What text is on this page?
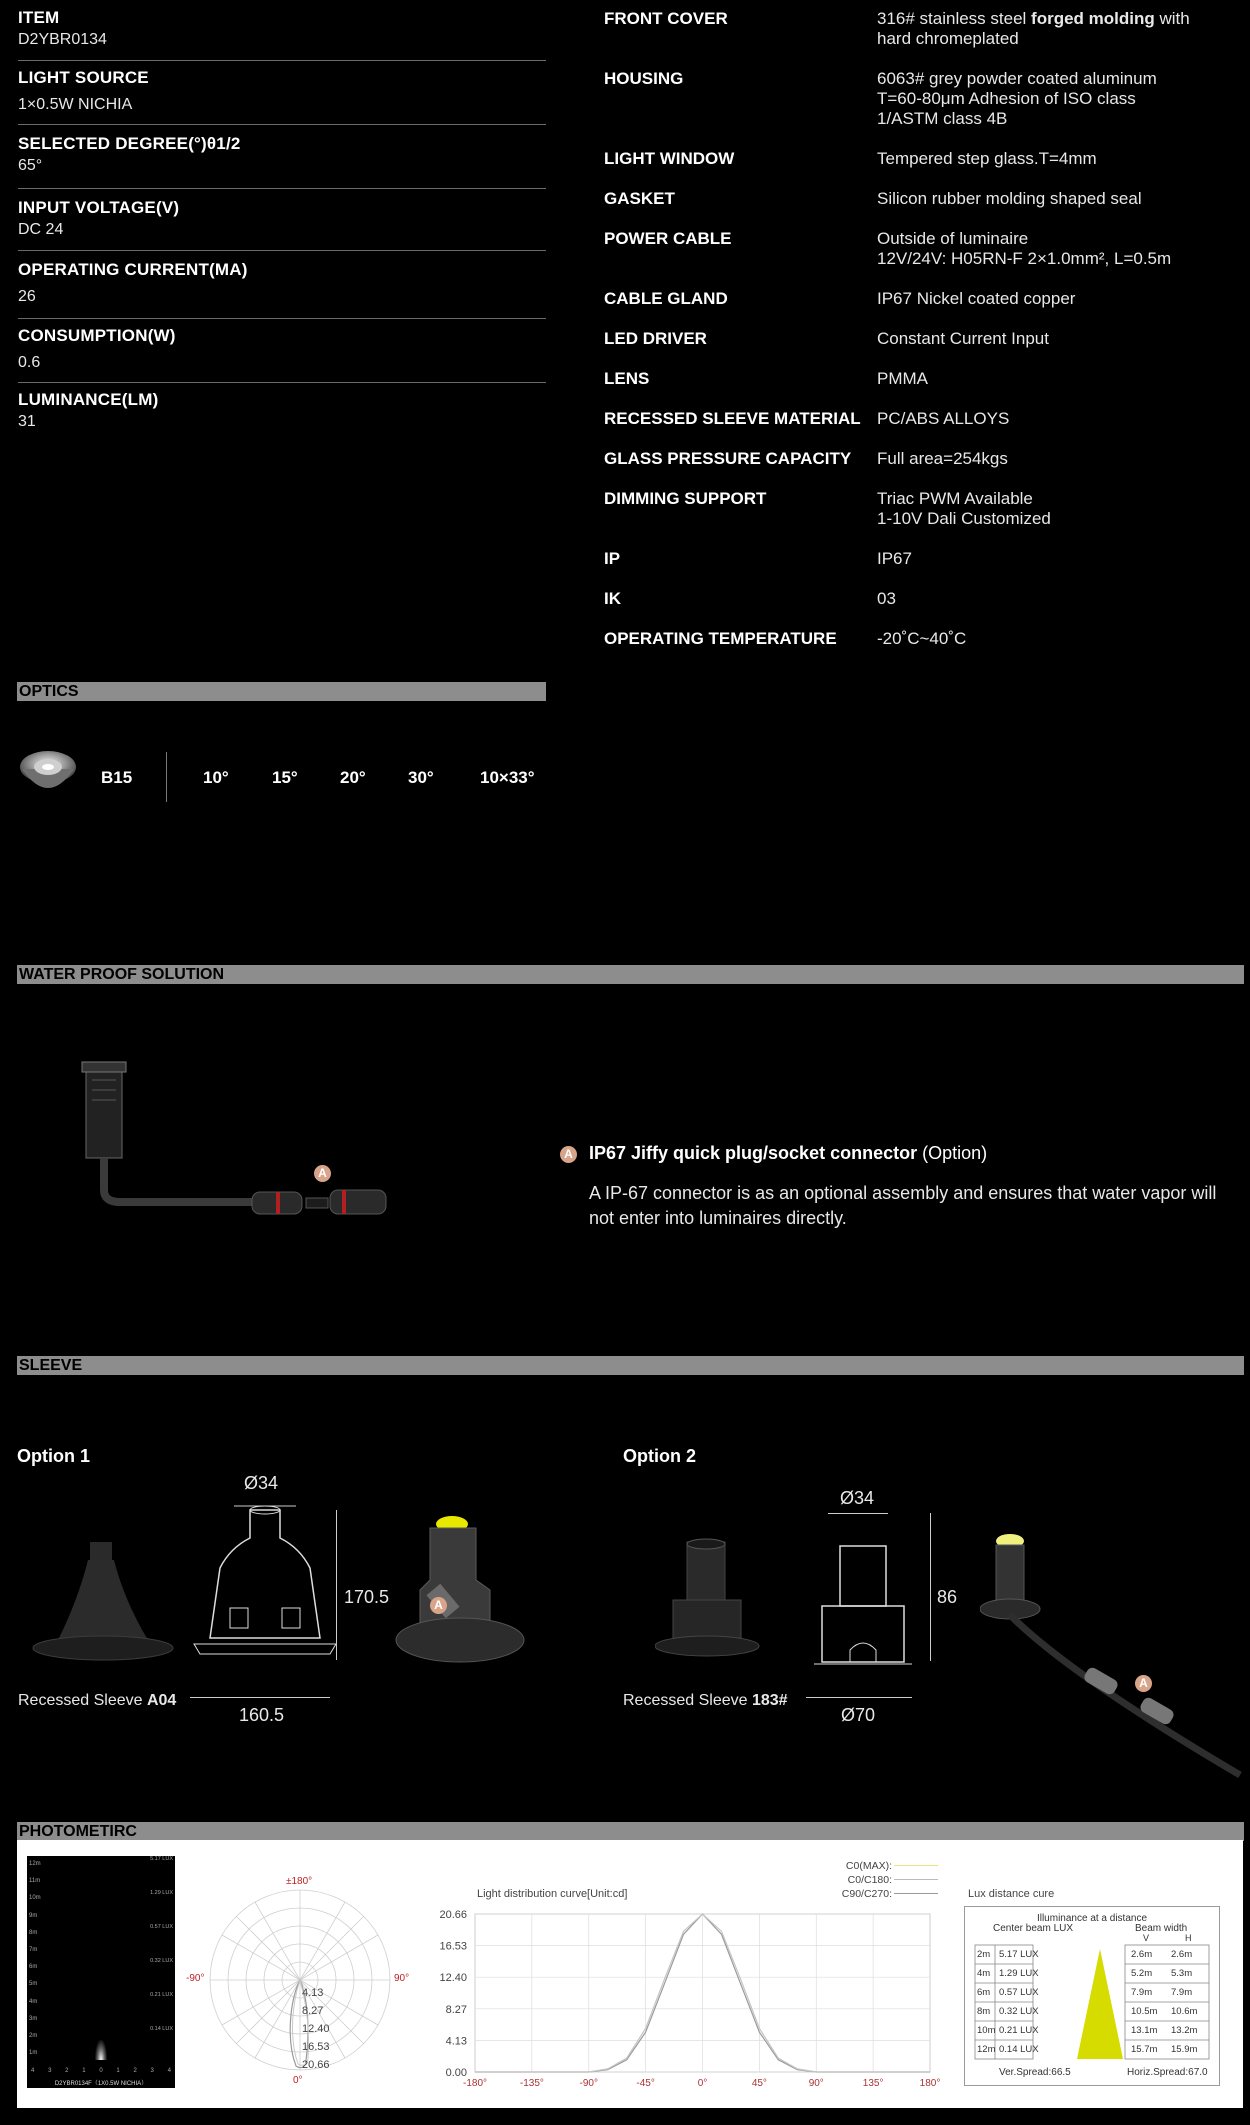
ITEM
D2YBR0134
LIGHT SOURCE
1×0.5W NICHIA
SELECTED DEGREE(°)θ1/2
65°
INPUT VOLTAGE(V)
DC 24
OPERATING CURRENT(MA)
26
CONSUMPTION(W)
0.6
LUMINANCE(LM)
31
FRONT COVER	316# stainless steel forged molding with
hard chromeplated
HOUSING	6063# grey powder coated aluminum
T=60-80μm Adhesion of ISO class
1/ASTM class 4B
LIGHT WINDOW	Tempered step glass.T=4mm
GASKET	Silicon rubber molding shaped seal
POWER CABLE	Outside of luminaire
12V/24V: H05RN-F 2×1.0mm², L=0.5m
CABLE GLAND	IP67 Nickel coated copper
LED DRIVER	Constant Current Input
LENS	PMMA
RECESSED SLEEVE MATERIAL PC/ABS ALLOYS
GLASS PRESSURE CAPACITY Full area=254kgs
DIMMING SUPPORT	Triac PWM Available
1-10V Dali Customized
IP	IP67
IK	03
OPERATING TEMPERATURE -20˚C~40˚C
OPTICS
B15	10°	15° 20° 30°	10×33°
WATER PROOF SOLUTION
A
A IP67 Jiffy quick plug/socket connector (Option)
A IP-67 connector is as an optional assembly and ensures that water vapor will not enter into luminaires directly.
SLEEVE
Option 1	Option 2
Ø34
170.5
160.5
Recessed Sleeve A04
A
Ø34
86
Ø70
Recessed Sleeve 183#
A
PHOTOMETIRC
12m
11m
10m
9m
8m
7m
6m
5m
4m
3m
2m
1m
5.17 LUX
1.29 LUX
0.57 LUX
0.32 LUX
0.21 LUX
0.14 LUX
4 3 2 1 0 1 2 3 4
D2YBR0134F（1X0.5W NICHIA）
±180°
-90°	90°
0°
4.13
8.27
12.40
16.53
20.66
C0(MAX):
C0/C180:
C90/C270:
Light distribution curve[Unit:cd]
-180°	-135°	-90°	-45°	0°	45°	90°	135°	180°
20.66
16.53
12.40
8.27
4.13
0.00
Lux distance cure
Illuminance at a distance
Center beam LUX	Beam width
V	H
2m 5.17 LUX	2.6m 2.6m
4m 1.29 LUX	5.2m 5.3m
6m 0.57 LUX	7.9m 7.9m
8m 0.32 LUX	10.5m 10.6m
10m 0.21 LUX	13.1m 13.2m
12m 0.14 LUX	15.7m 15.9m
Ver.Spread:66.5	Horiz.Spread:67.0
